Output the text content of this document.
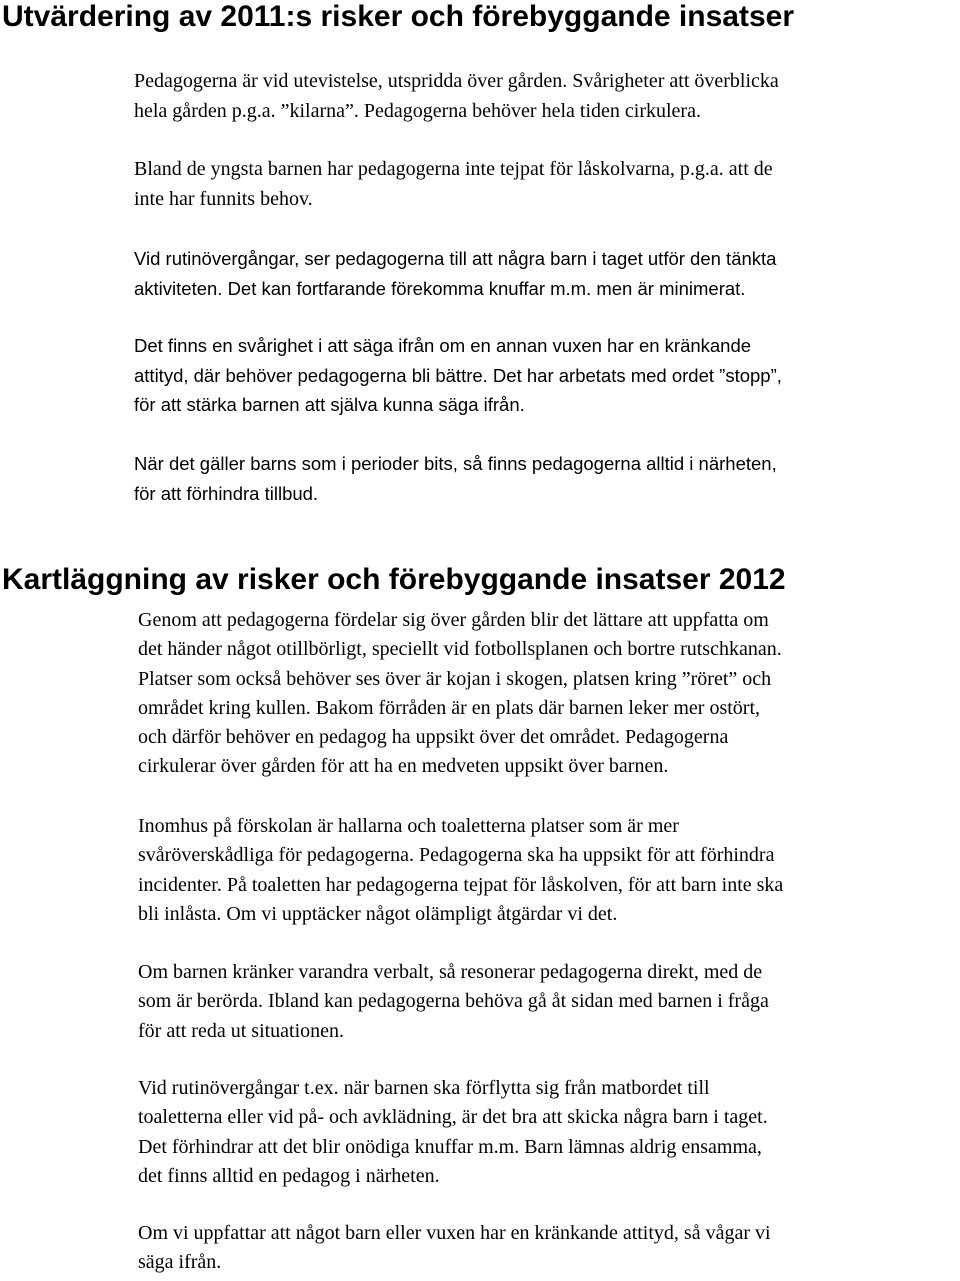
Utvärdering av 2011:s risker och förebyggande insatser

Pedagogerna är vid utevistelse, utspridda över gården. Svårigheter att överblicka
hela gården p.g.a. ”kilarna”. Pedagogerna behöver hela tiden cirkulera.

Bland de yngsta barnen har pedagogerna inte tejpat för låskolvarna, p.g.a. att de
inte har funnits behov.

Vid rutinövergångar, ser pedagogerna till att några barn i taget utför den tänkta
aktiviteten. Det kan fortfarande förekomma knuffar m.m. men är minimerat.

Det finns en svårighet i att säga ifrån om en annan vuxen har en kränkande
attityd, där behöver pedagogerna bli bättre. Det har arbetats med ordet ”stopp”,
för att stärka barnen att själva kunna säga ifrån.

När det gäller barns som i perioder bits, så finns pedagogerna alltid i närheten,
för att förhindra tillbud.

Kartläggning av risker och förebyggande insatser 2012

Genom att pedagogerna fördelar sig över gården blir det lättare att uppfatta om
det händer något otillbörligt, speciellt vid fotbollsplanen och bortre rutschkanan.
Platser som också behöver ses över är kojan i skogen, platsen kring ”röret” och
området kring kullen. Bakom förråden är en plats där barnen leker mer ostört,
och därför behöver en pedagog ha uppsikt över det området. Pedagogerna
cirkulerar över gården för att ha en medveten uppsikt över barnen.

Inomhus på förskolan är hallarna och toaletterna platser som är mer
svåröverskådliga för pedagogerna. Pedagogerna ska ha uppsikt för att förhindra
incidenter. På toaletten har pedagogerna tejpat för låskolven, för att barn inte ska
bli inlåsta. Om vi upptäcker något olämpligt åtgärdar vi det.

Om barnen kränker varandra verbalt, så resonerar pedagogerna direkt, med de
som är berörda. Ibland kan pedagogerna behöva gå åt sidan med barnen i fråga
för att reda ut situationen.

Vid rutinövergångar t.ex. när barnen ska förflytta sig från matbordet till
toaletterna eller vid på- och avklädning, är det bra att skicka några barn i taget.
Det förhindrar att det blir onödiga knuffar m.m. Barn lämnas aldrig ensamma,
det finns alltid en pedagog i närheten.

Om vi uppfattar att något barn eller vuxen har en kränkande attityd, så vågar vi
säga ifrån.
